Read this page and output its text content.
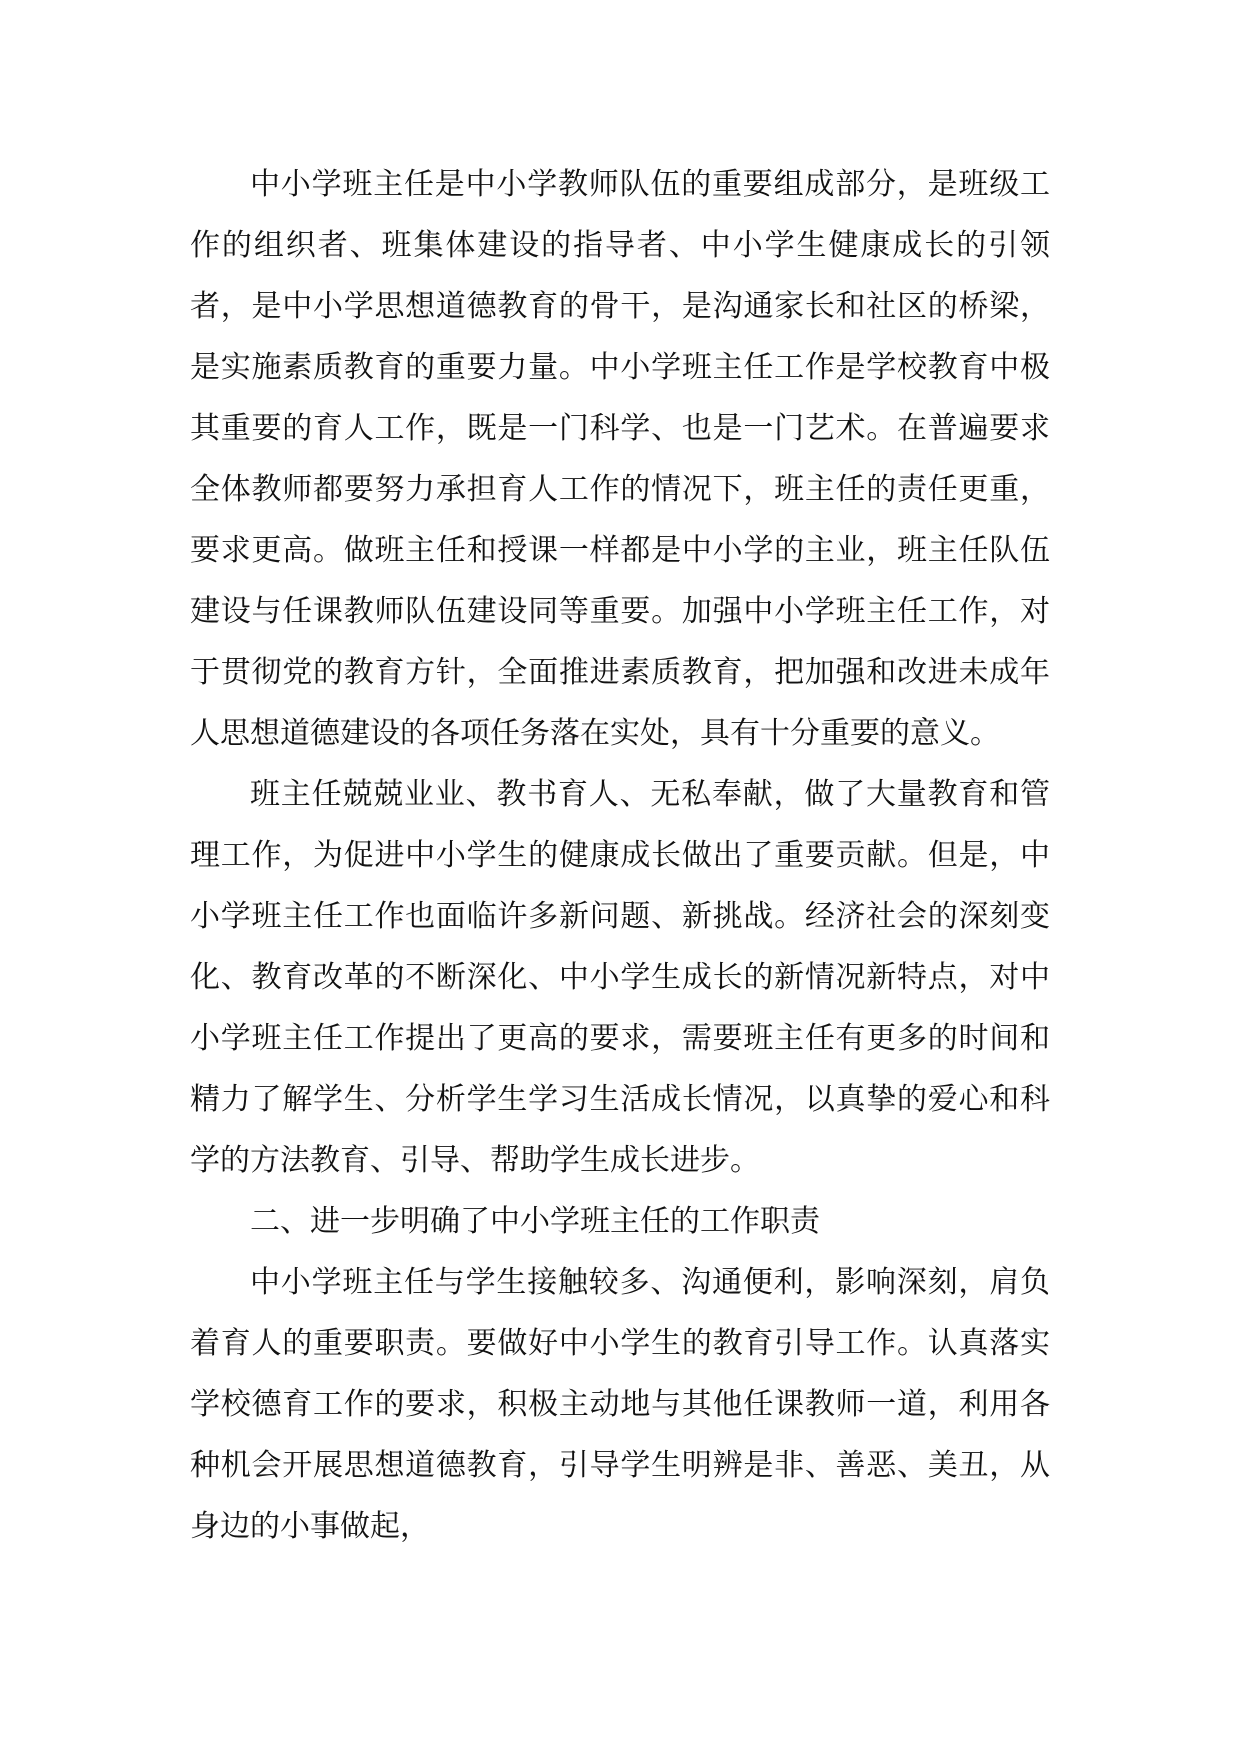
中小学班主任是中小学教师队伍的重要组成部分，是班级工作的组织者、班集体建设的指导者、中小学生健康成长的引领者，是中小学思想道德教育的骨干，是沟通家长和社区的桥梁，是实施素质教育的重要力量。中小学班主任工作是学校教育中极其重要的育人工作，既是一门科学、也是一门艺术。在普遍要求全体教师都要努力承担育人工作的情况下，班主任的责任更重，要求更高。做班主任和授课一样都是中小学的主业，班主任队伍建设与任课教师队伍建设同等重要。加强中小学班主任工作，对于贯彻党的教育方针，全面推进素质教育，把加强和改进未成年人思想道德建设的各项任务落在实处，具有十分重要的意义。

班主任兢兢业业、教书育人、无私奉献，做了大量教育和管理工作，为促进中小学生的健康成长做出了重要贡献。但是，中小学班主任工作也面临许多新问题、新挑战。经济社会的深刻变化、教育改革的不断深化、中小学生成长的新情况新特点，对中小学班主任工作提出了更高的要求，需要班主任有更多的时间和精力了解学生、分析学生学习生活成长情况，以真挚的爱心和科学的方法教育、引导、帮助学生成长进步。

二、进一步明确了中小学班主任的工作职责

中小学班主任与学生接触较多、沟通便利，影响深刻，肩负着育人的重要职责。要做好中小学生的教育引导工作。认真落实学校德育工作的要求，积极主动地与其他任课教师一道，利用各种机会开展思想道德教育，引导学生明辨是非、善恶、美丑，从身边的小事做起，
